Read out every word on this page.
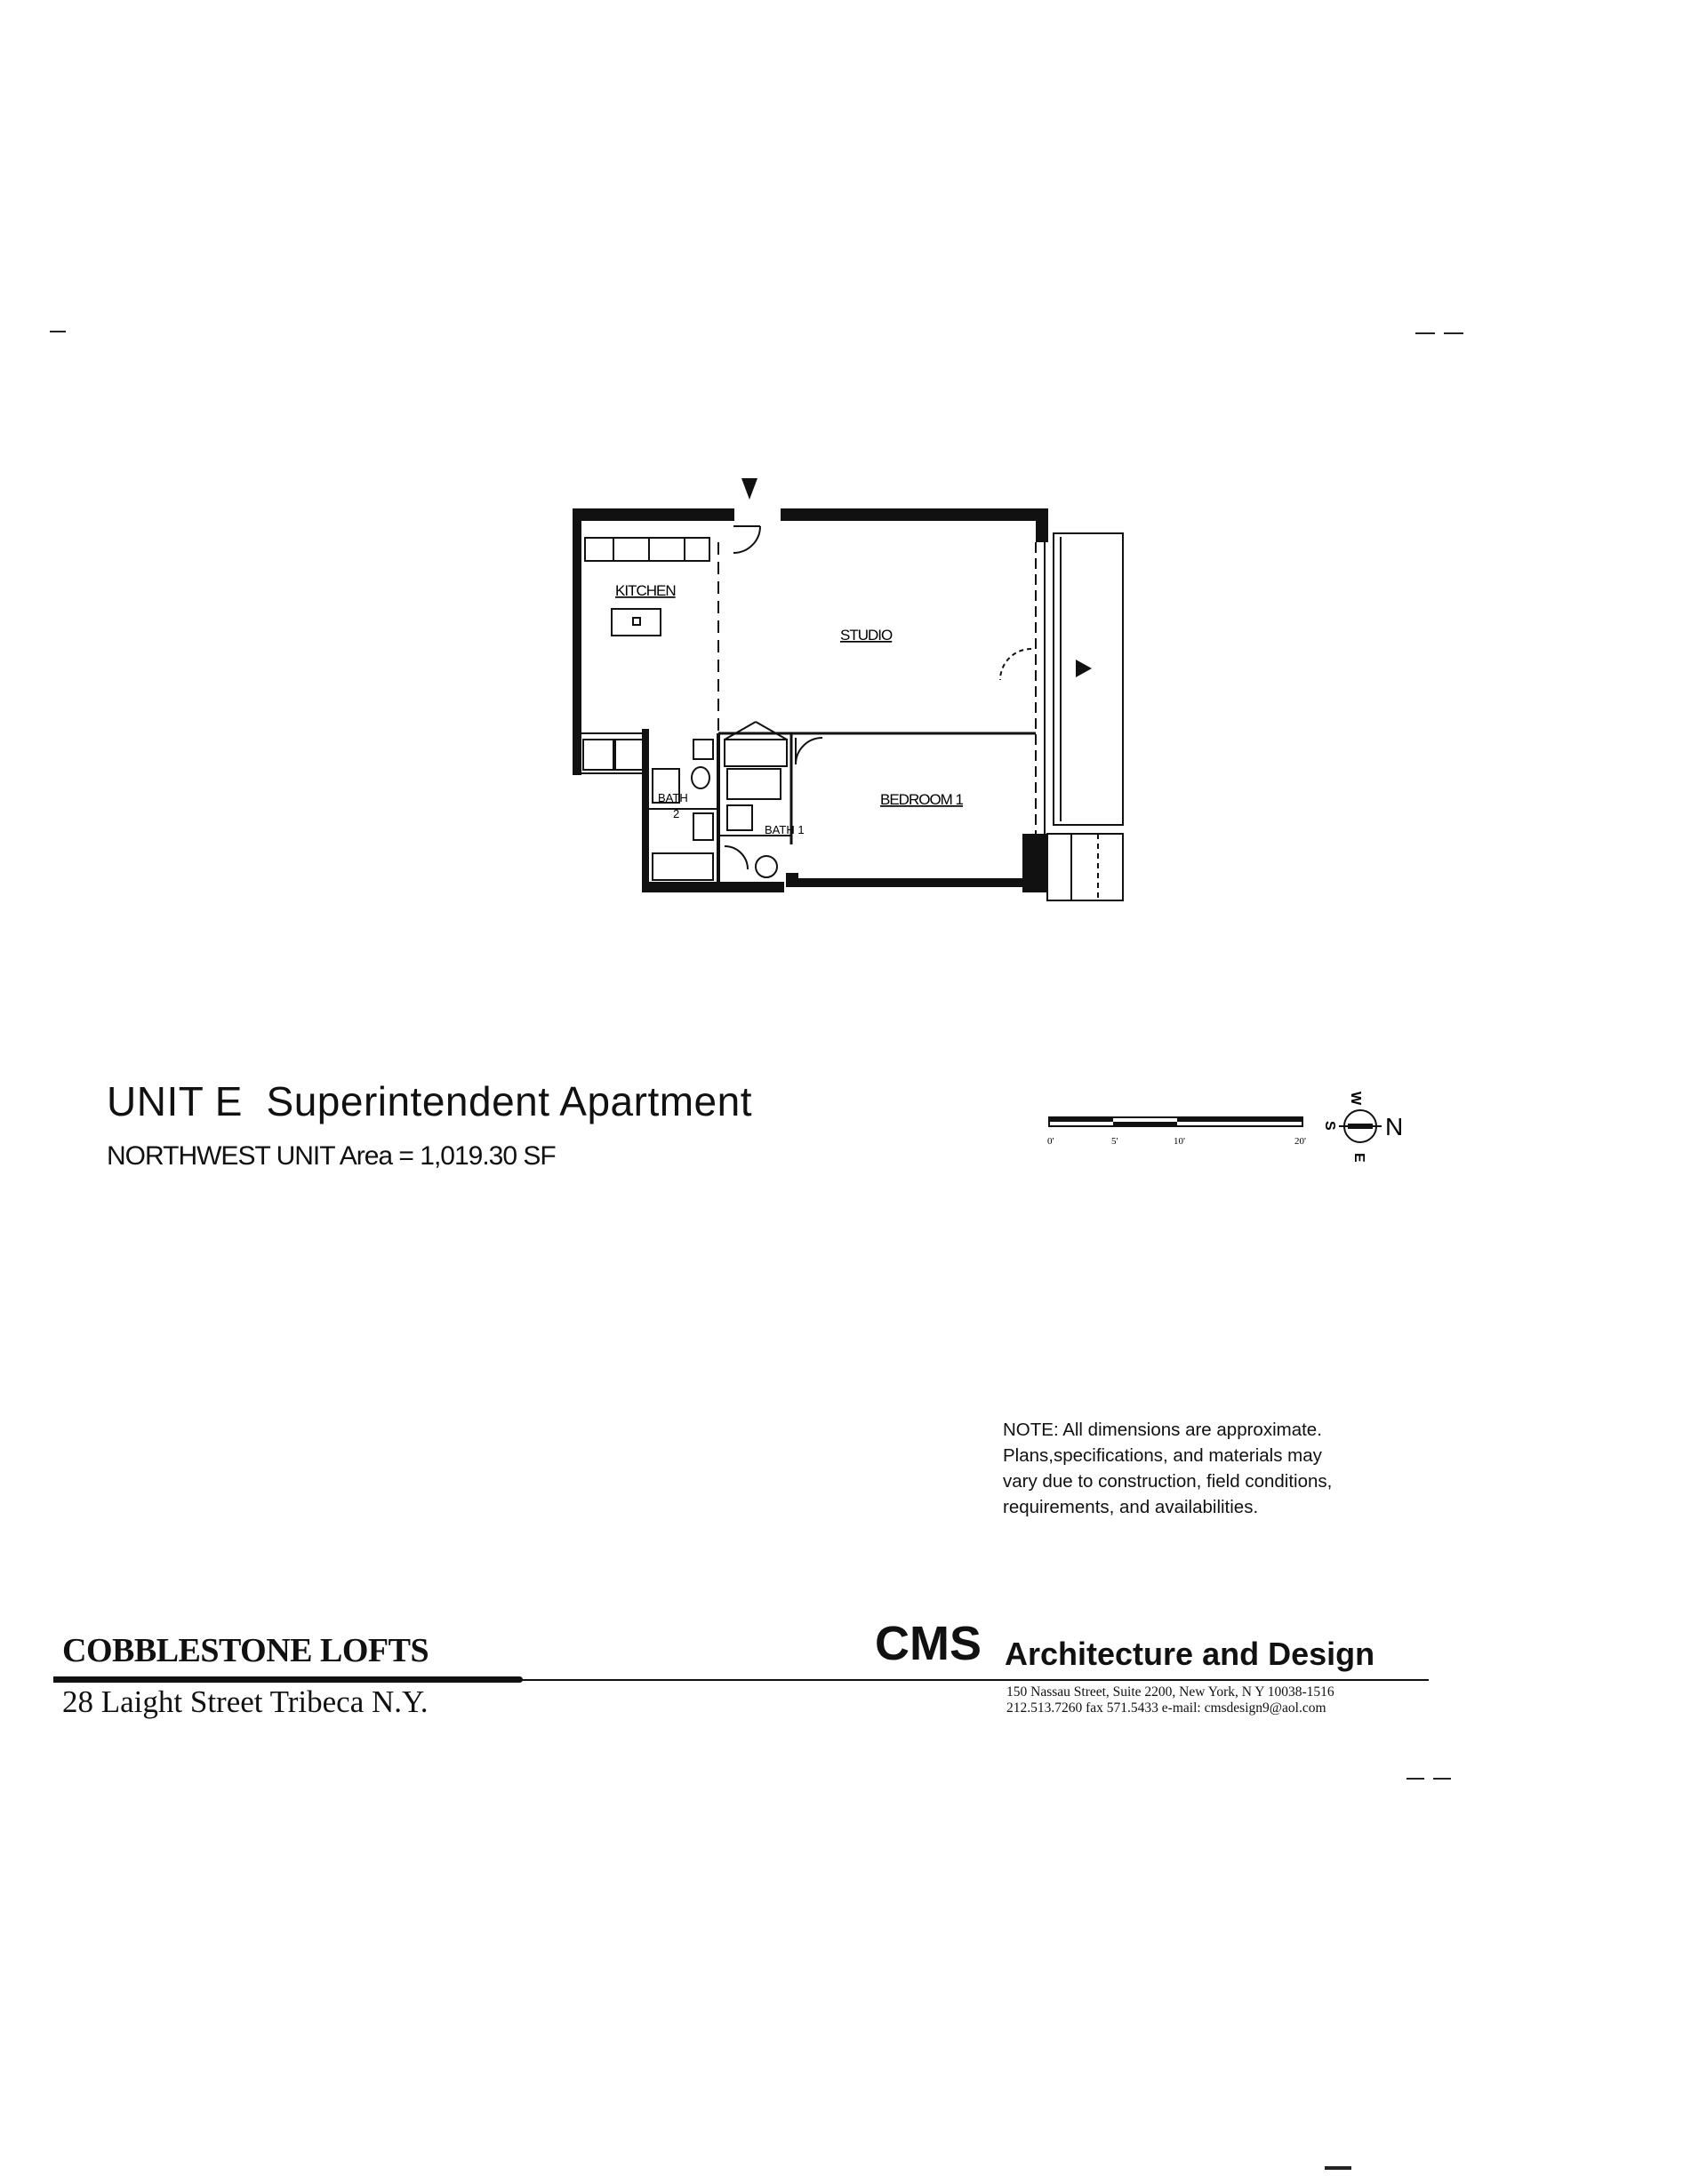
KITCHEN
STUDIO
BEDROOM 1
BATH 1
BATH
2
UNIT E  Superintendent Apartment
NORTHWEST UNIT Area = 1,019.30 SF	0'	5'	10'	20'
W
S
E
N
NOTE: All dimensions are approximate.
Plans,specifications, and materials may
vary due to construction, field conditions,
requirements, and availabilities.
COBBLESTONE LOFTS
28 Laight Street Tribeca N.Y.
CMS Architecture and Design
150 Nassau Street, Suite 2200, New York, N Y 10038-1516
212.513.7260 fax 571.5433 e-mail: cmsdesign9@aol.com
